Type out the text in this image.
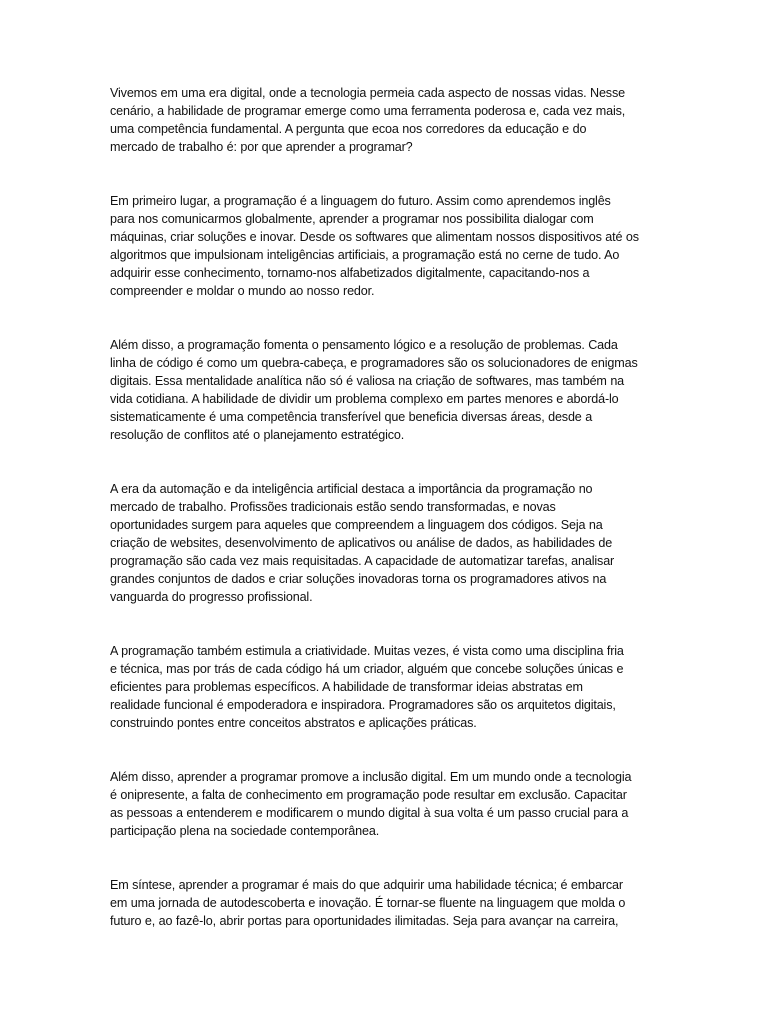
Vivemos em uma era digital, onde a tecnologia permeia cada aspecto de nossas vidas. Nesse
cenário, a habilidade de programar emerge como uma ferramenta poderosa e, cada vez mais,
uma competência fundamental. A pergunta que ecoa nos corredores da educação e do
mercado de trabalho é: por que aprender a programar?

Em primeiro lugar, a programação é a linguagem do futuro. Assim como aprendemos inglês
para nos comunicarmos globalmente, aprender a programar nos possibilita dialogar com
máquinas, criar soluções e inovar. Desde os softwares que alimentam nossos dispositivos até os
algoritmos que impulsionam inteligências artificiais, a programação está no cerne de tudo. Ao
adquirir esse conhecimento, tornamo-nos alfabetizados digitalmente, capacitando-nos a
compreender e moldar o mundo ao nosso redor.

Além disso, a programação fomenta o pensamento lógico e a resolução de problemas. Cada
linha de código é como um quebra-cabeça, e programadores são os solucionadores de enigmas
digitais. Essa mentalidade analítica não só é valiosa na criação de softwares, mas também na
vida cotidiana. A habilidade de dividir um problema complexo em partes menores e abordá-lo
sistematicamente é uma competência transferível que beneficia diversas áreas, desde a
resolução de conflitos até o planejamento estratégico.

A era da automação e da inteligência artificial destaca a importância da programação no
mercado de trabalho. Profissões tradicionais estão sendo transformadas, e novas
oportunidades surgem para aqueles que compreendem a linguagem dos códigos. Seja na
criação de websites, desenvolvimento de aplicativos ou análise de dados, as habilidades de
programação são cada vez mais requisitadas. A capacidade de automatizar tarefas, analisar
grandes conjuntos de dados e criar soluções inovadoras torna os programadores ativos na
vanguarda do progresso profissional.

A programação também estimula a criatividade. Muitas vezes, é vista como uma disciplina fria
e técnica, mas por trás de cada código há um criador, alguém que concebe soluções únicas e
eficientes para problemas específicos. A habilidade de transformar ideias abstratas em
realidade funcional é empoderadora e inspiradora. Programadores são os arquitetos digitais,
construindo pontes entre conceitos abstratos e aplicações práticas.

Além disso, aprender a programar promove a inclusão digital. Em um mundo onde a tecnologia
é onipresente, a falta de conhecimento em programação pode resultar em exclusão. Capacitar
as pessoas a entenderem e modificarem o mundo digital à sua volta é um passo crucial para a
participação plena na sociedade contemporânea.

Em síntese, aprender a programar é mais do que adquirir uma habilidade técnica; é embarcar
em uma jornada de autodescoberta e inovação. É tornar-se fluente na linguagem que molda o
futuro e, ao fazê-lo, abrir portas para oportunidades ilimitadas. Seja para avançar na carreira,
